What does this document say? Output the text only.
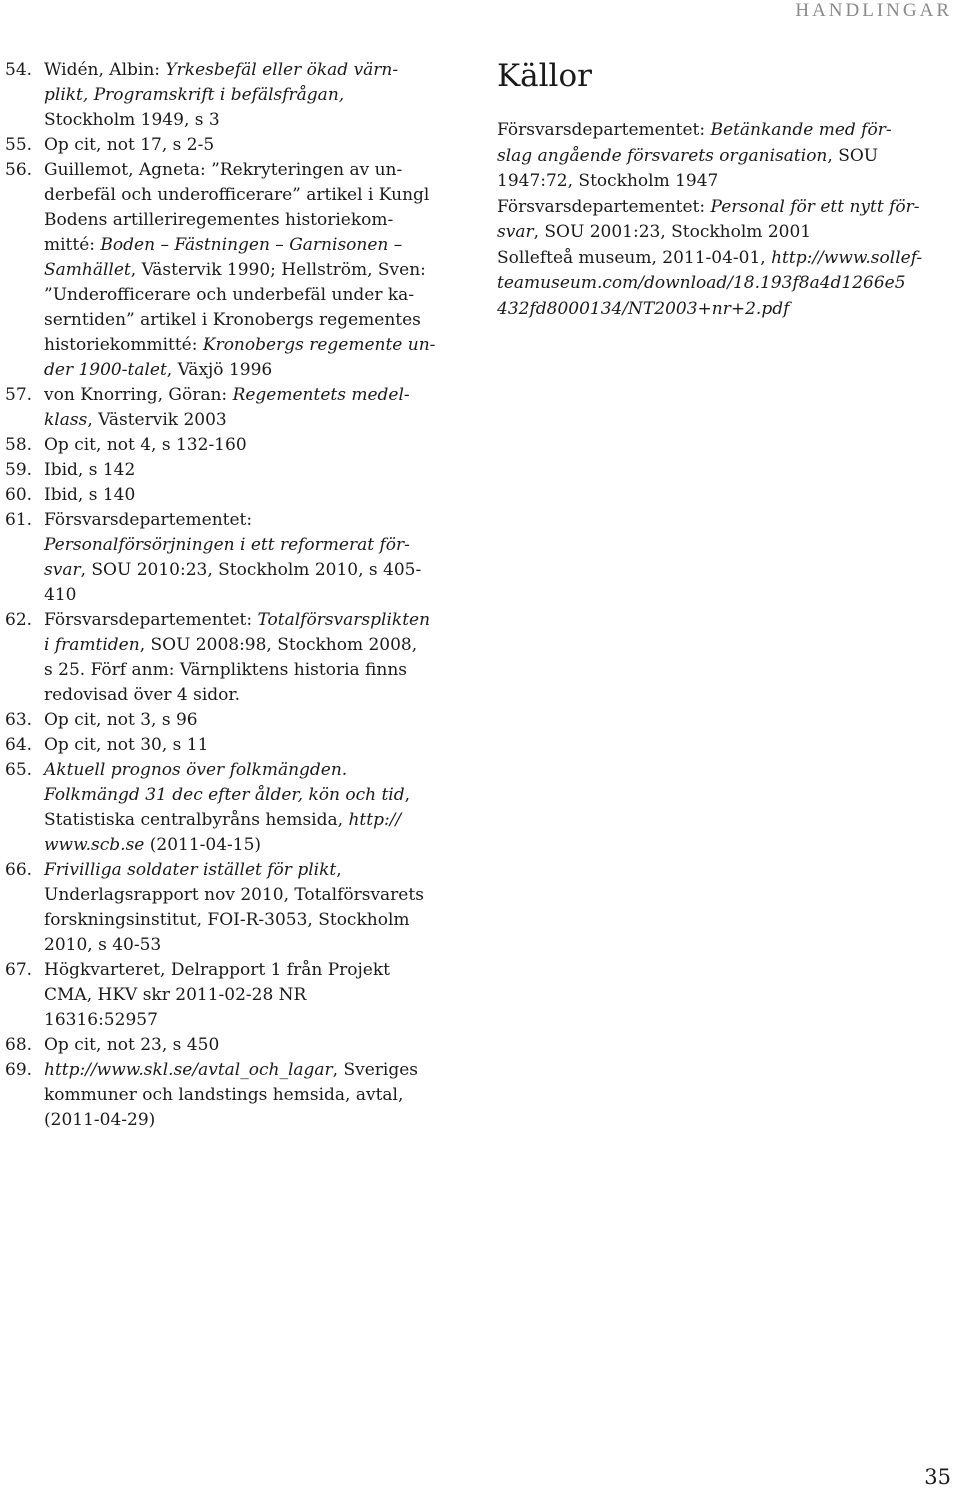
HANDLINGAR
54. Widén, Albin: Yrkesbefäl eller ökad värn-
plikt, Programskrift i befälsfrågan,
Stockholm 1949, s 3
55. Op cit, not 17, s 2-5
56. Guillemot, Agneta: ”Rekryteringen av un-
derbefäl och underofficerare” artikel i Kungl
Bodens artilleriregementes historiekom-
mitté: Boden – Fästningen – Garnisonen –
Samhället, Västervik 1990; Hellström, Sven:
”Underofficerare och underbefäl under ka-
serntiden” artikel i Kronobergs regementes
historiekommitté: Kronobergs regemente un-
der 1900-talet, Växjö 1996
57. von Knorring, Göran: Regementets medel-
klass, Västervik 2003
58. Op cit, not 4, s 132-160
59. Ibid, s 142
60. Ibid, s 140
61. Försvarsdepartementet:
Personalförsörjningen i ett reformerat för-
svar, SOU 2010:23, Stockholm 2010, s 405-
410
62. Försvarsdepartementet: Totalförsvarsplikten
i framtiden, SOU 2008:98, Stockhom 2008,
s 25. Förf anm: Värnpliktens historia finns
redovisad över 4 sidor.
63. Op cit, not 3, s 96
64. Op cit, not 30, s 11
65. Aktuell prognos över folkmängden.
Folkmängd 31 dec efter ålder, kön och tid,
Statistiska centralbyråns hemsida, http://
www.scb.se (2011-04-15)
66. Frivilliga soldater istället för plikt,
Underlagsrapport nov 2010, Totalförsvarets
forskningsinstitut, FOI-R-3053, Stockholm
2010, s 40-53
67. Högkvarteret, Delrapport 1 från Projekt
CMA, HKV skr 2011-02-28 NR
16316:52957
68. Op cit, not 23, s 450
69. http://www.skl.se/avtal_och_lagar, Sveriges
kommuner och landstings hemsida, avtal,
(2011-04-29)
Källor

Försvarsdepartementet: Betänkande med för-
slag angående försvarets organisation, SOU
1947:72, Stockholm 1947

Försvarsdepartementet: Personal för ett nytt för-
svar, SOU 2001:23, Stockholm 2001

Sollefteå museum, 2011-04-01, http://www.sollef-
teamuseum.com/download/18.193f8a4d1266e5
432fd8000134/NT2003+nr+2.pdf

35
